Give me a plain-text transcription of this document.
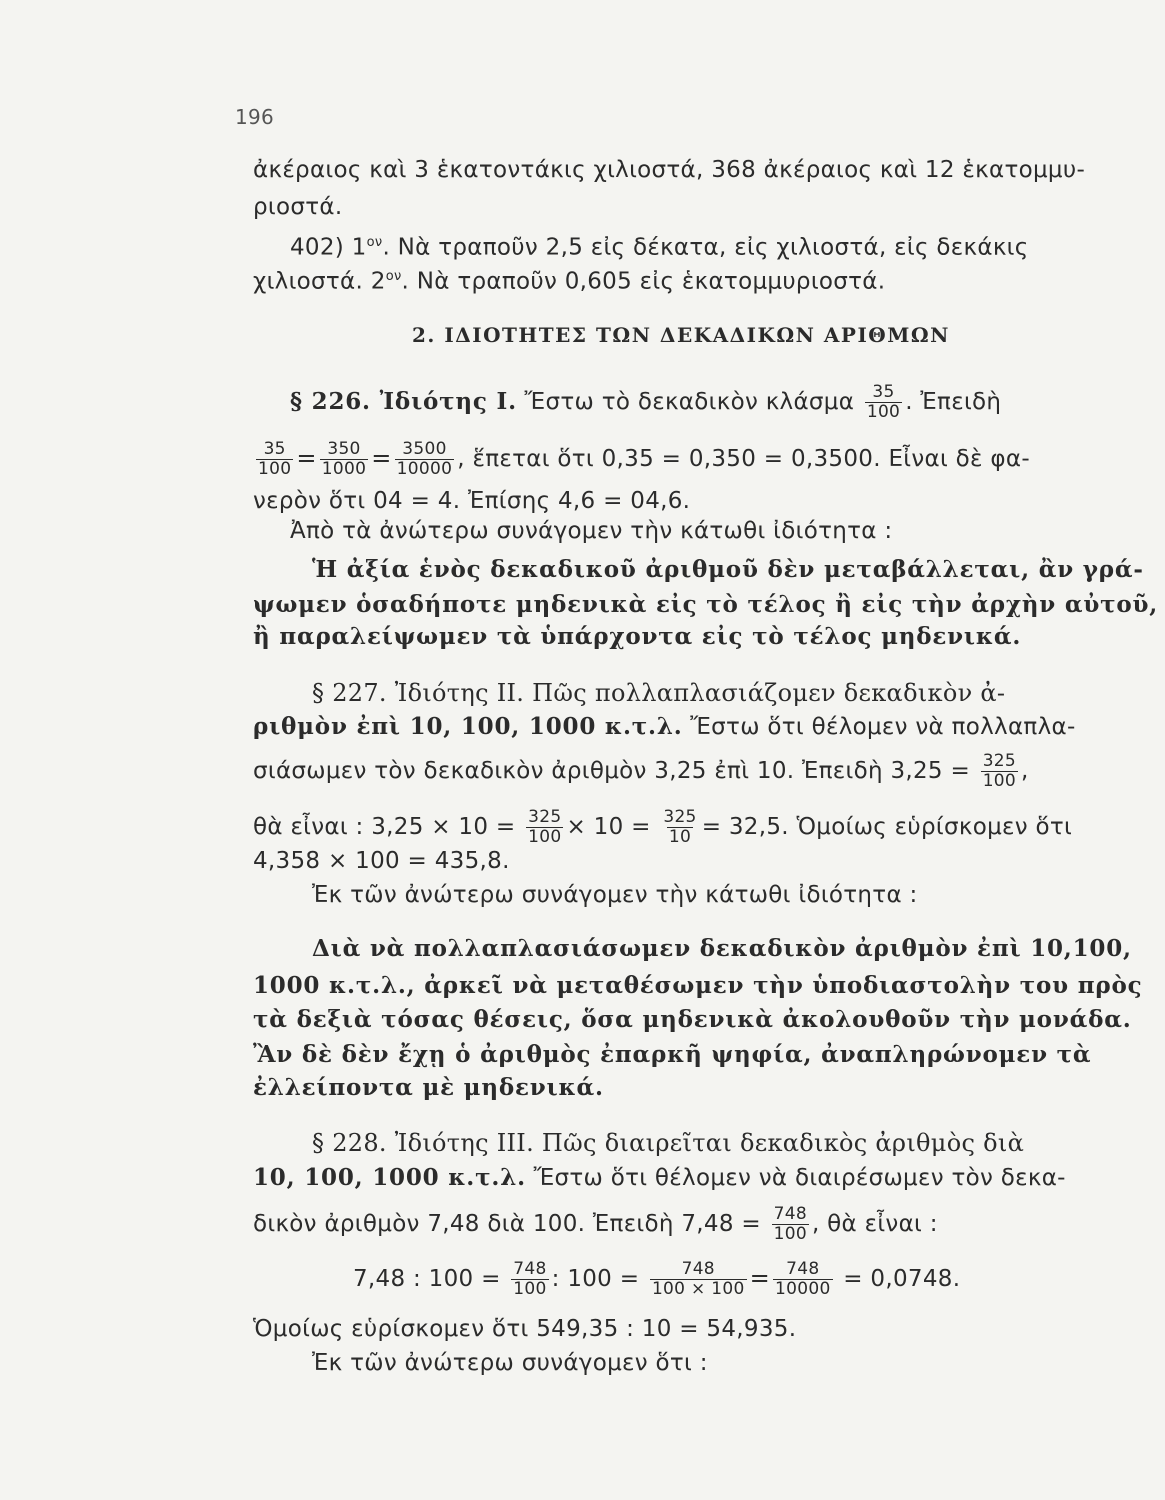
196
ἀκέραιος καὶ 3 ἑκατοντάκις χιλιοστά, 368 ἀκέραιος καὶ 12 ἑκατομμυ-
ριοστά.
402) $1^{o\nu}$. Νὰ τραποῦν 2,5 εἰς δέκατα, εἰς χιλιοστά, εἰς δεκάκις
χιλιοστά. $2^{o\nu}$. Νὰ τραποῦν 0,605 εἰς ἑκατομμυριοστά.
2. ΙΔΙΟΤΗΤΕΣ ΤΩΝ ΔΕΚΑΔΙΚΩΝ ΑΡΙΘΜΩΝ
§ 226. Ἰδιότης Ι. Ἔστω τὸ δεκαδικὸν κλάσμα $\frac{35}{100}$ . Ἐπειδὴ
$\frac{35}{100} = \frac{350}{1000} = \frac{3500}{10000}$ , ἕπεται ὅτι 0,35 = 0,350 = 0,3500. Εἶναι δὲ φα-
νερὸν ὅτι 04 = 4. Ἐπίσης 4,6 = 04,6.
Ἀπὸ τὰ ἀνώτερω συνάγομεν τὴν κάτωθι ἰδιότητα :
Ἡ ἀξία ἑνὸς δεκαδικοῦ ἀριθμοῦ δὲν μεταβάλλεται, ἂν γρά-
ψωμεν ὁσαδήποτε μηδενικὰ εἰς τὸ τέλος ἢ εἰς τὴν ἀρχὴν αὐτοῦ,
ἢ παραλείψωμεν τὰ ὑπάρχοντα εἰς τὸ τέλος μηδενικά.
§ 227. Ἰδιότης ΙΙ. Πῶς πολλαπλασιάζομεν δεκαδικὸν ἀ-
ριθμὸν ἐπὶ 10, 100, 1000 κ.τ.λ. Ἔστω ὅτι θέλομεν νὰ πολλαπλα-
σιάσωμεν τὸν δεκαδικὸν ἀριθμὸν 3,25 ἐπὶ 10. Ἐπειδὴ $3,25 = \frac{325}{100}$ ,
θὰ εἶναι : $3,25 \times 10 = \frac{325}{100} \times 10 = \frac{325}{10} = 32,5$. Ὁμοίως εὑρίσκομεν ὅτι
4,358 × 100 = 435,8.
Ἐκ τῶν ἀνώτερω συνάγομεν τὴν κάτωθι ἰδιότητα :
Διὰ νὰ πολλαπλασιάσωμεν δεκαδικὸν ἀριθμὸν ἐπὶ 10,100,
1000 κ.τ.λ., ἀρκεῖ νὰ μεταθέσωμεν τὴν ὑποδιαστολὴν του πρὸς
τὰ δεξιὰ τόσας θέσεις, ὅσα μηδενικὰ ἀκολουθοῦν τὴν μονάδα.
Ἂν δὲ δὲν ἔχῃ ὁ ἀριθμὸς ἐπαρκῆ ψηφία, ἀναπληρώνομεν τὰ
ἐλλείποντα μὲ μηδενικά.
§ 228. Ἰδιότης ΙΙΙ. Πῶς διαιρεῖται δεκαδικὸς ἀριθμὸς διὰ
10, 100, 1000 κ.τ.λ. Ἔστω ὅτι θέλομεν νὰ διαιρέσωμεν τὸν δεκα-
δικὸν ἀριθμὸν 7,48 διὰ 100. Ἐπειδὴ $7,48 = \frac{748}{100}$ , θὰ εἶναι :
7,48 : $100 = \frac{748}{100}$ : $100 = \frac{748}{100 \times 100} = \frac{748}{10000} = 0,0748$.
Ὁμοίως εὑρίσκομεν ὅτι 549,35 : 10 = 54,935.
Ἐκ τῶν ἀνώτερω συνάγομεν ὅτι :
